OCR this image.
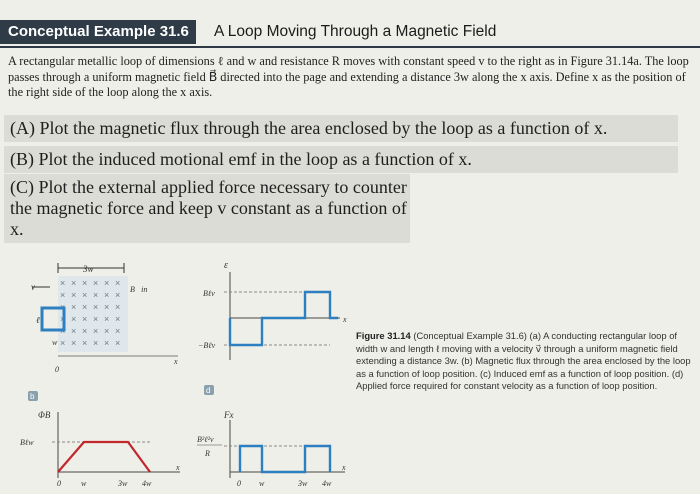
Conceptual Example 31.6	A Loop Moving Through a Magnetic Field
A rectangular metallic loop of dimensions ℓ and w and resistance R moves with constant speed v to the right as in Figure 31.14a. The loop passes through a uniform magnetic field B⃗ directed into the page and extending a distance 3w along the x axis. Define x as the position of the right side of the loop along the x axis.
(A) Plot the magnetic flux through the area enclosed by the loop as a function of x.
(B) Plot the induced motional emf in the loop as a function of x.
(C) Plot the external applied force necessary to counter the magnetic force and keep v constant as a function of x.
3w
× × × × × ×
× × × × × ×
× × × × × ×
× × × × × ×
× × × × × ×
× × × × × ×
B⃗in
v⃗
ℓ
w
x
0
b
d
ΦB
x
Bℓw
0	w	3w 4w
ε
x
Bℓv
−Bℓv
Fx
x
B²ℓ²v
R
0 w	3w 4w
Figure 31.14 (Conceptual Example 31.6) (a) A conducting rectangular loop of width w and length ℓ moving with a velocity v⃗ through a uniform magnetic field extending a distance 3w. (b) Magnetic flux through the area enclosed by the loop as a function of loop position. (c) Induced emf as a function of loop position. (d) Applied force required for constant velocity as a function of loop position.
